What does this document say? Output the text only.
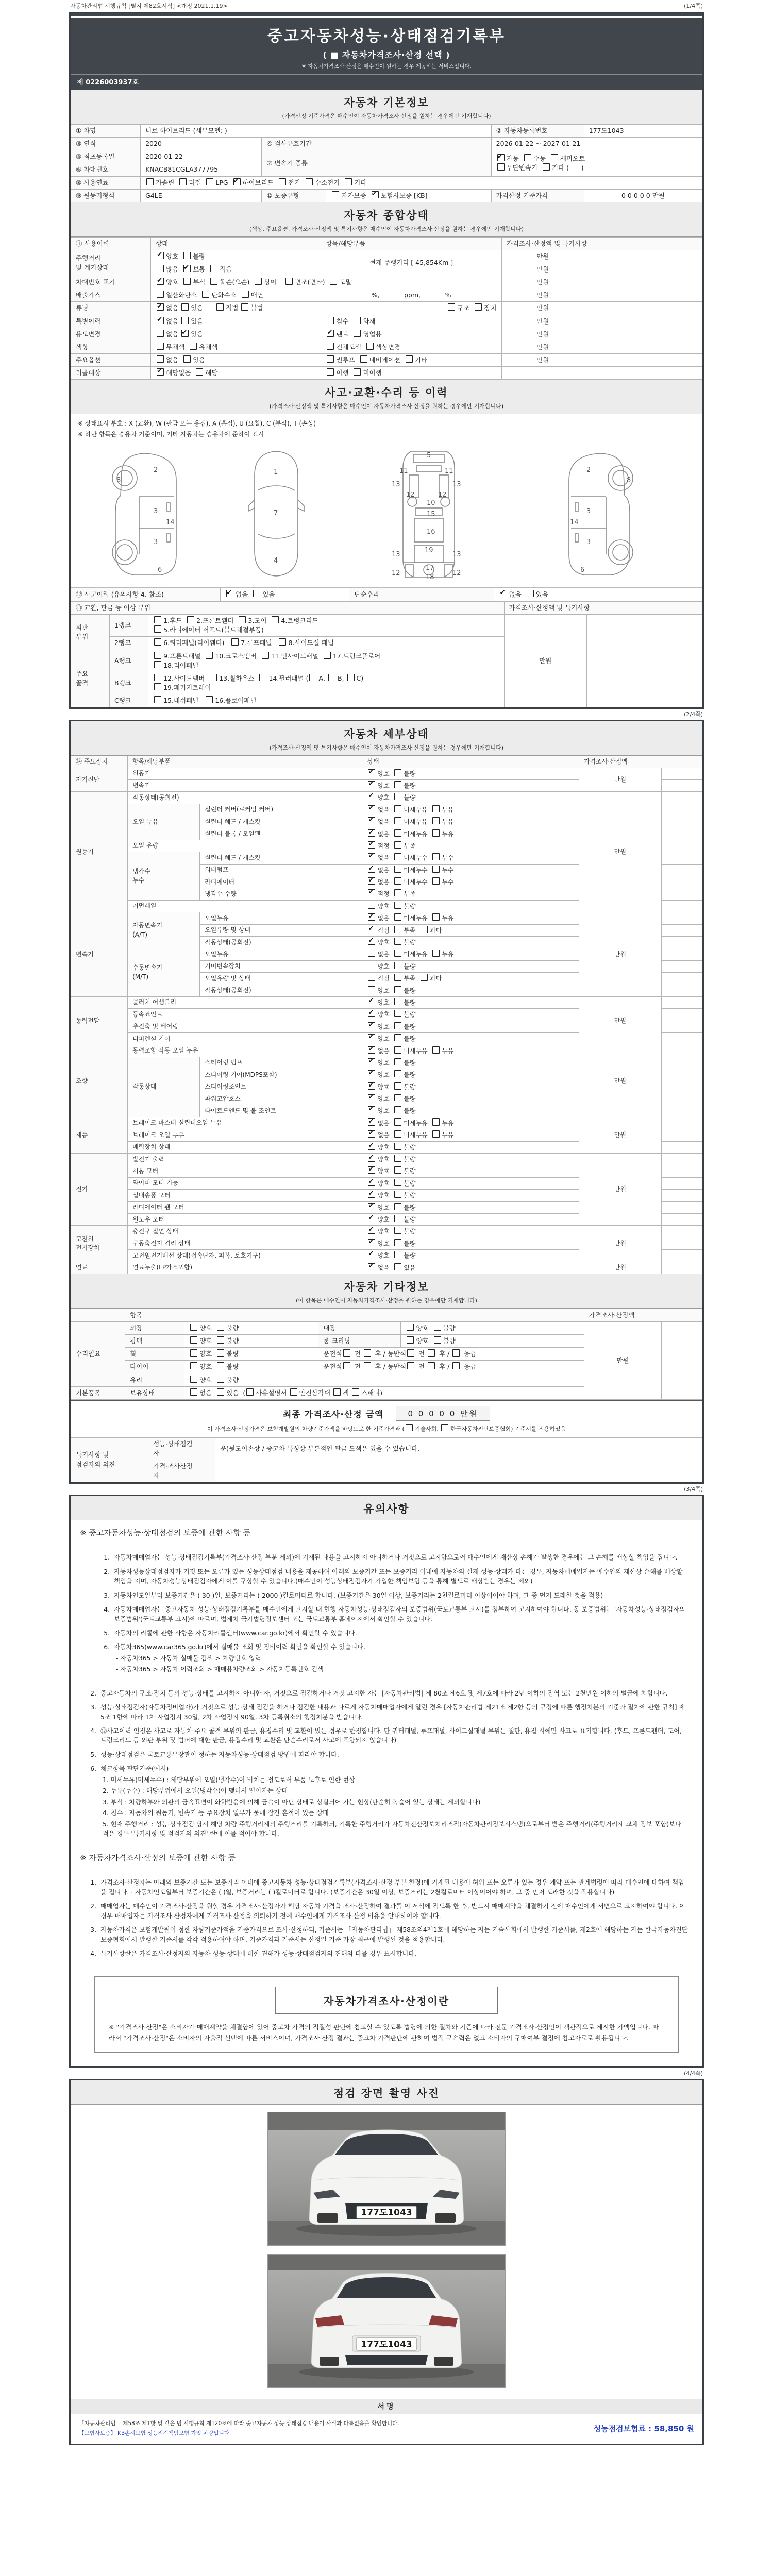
자동차관리법 시행규칙 [별지 제82호서식] <개정 2021.1.19>	(1/4쪽)
중고자동차성능·상태점검기록부
( ■ 자동차가격조사·산정 선택 )
※ 자동차가격조사·산정은 매수인이 원하는 경우 제공하는 서비스입니다.
제 0226003937호
자동차 기본정보
(가격산정 기준가격은 매수인이 자동차가격조사·산정을 원하는 경우에만 기재합니다)
① 차명	니로 하이브리드 (세부모델: )			② 자동차등록번호	177도1043
③ 연식	2020	④ 검사유효기간		2026-01-22 ~ 2027-01-21	
⑤ 최초등록일	2020-01-22	⑦ 변속기 종류	✔자동  수동  세미오토
무단변속기  기타 (      )
⑥ 차대번호	KNACB81CGLA377795				
⑧ 사용연료	가솔린  디젤  LPG   ✔하이브리드  전기  수소전기  기타
⑨ 원동기형식	G4LE	⑩ 보증유형	자가보증   ✔보험사보증 [KB]	가격산정 기준가격	0 0 0 0 0 만원
자동차 종합상태
(색상, 주요옵션, 가격조사·산정액 및 특기사항은 매수인이 자동차가격조사·산정을 원하는 경우에만 기재합니다)
⑪ 사용이력	상태	항목/해당부품	가격조사·산정액 및 특기사항	
주행거리
및 계기상태	✔양호  불량	현재 주행거리 [ 45,854Km ]	만원	
	많음   ✔보통  적음		만원	
차대번호 표기	✔양호  부식  훼손(오손)  상이    변조(변타)  도말		만원	
배출가스	일산화탄소  탄화수소  매연	%,            ppm,            %	만원	
튜닝	✔없음 있음      적법 불법	구조  장치	만원	
특별이력	✔없음 있음	침수  화재	만원	
용도변경	없음  ✔있음	✔렌트  영업용	만원	
색상	무채색  유채색	전체도색  색상변경	만원	
주요옵션	없음  있음	썬루프  네비게이션  기타	만원	
리콜대상	✔해당없음  해당	이행  미이행		
사고·교환·수리 등 이력
(가격조사·산정액 및 특기사항은 매수인이 자동차가격조사·산정을 원하는 경우에만 기재합니다)
※ 상태표시 부호 : X (교환), W (판금 또는 용접), A (흠집), U (요철), C (부식), T (손상)
※ 하단 항목은 승용차 기준이며, 기타 자동차는 승용차에 준하여 표시
2
8
3
14
3
6
1
7
4
5
11	11
13	13
12	12
10
15
16
19
13	13
17
12	12
18
2
8
3
14
3
6
⑫ 사고이력 (유의사항 4. 참조)	✔없음  있음	단순수리	✔없음  있음
⑬ 교환, 판금 등 이상 부위			가격조사·산정액 및 특기사항	
외판
부위	1랭크	1.후드  2.프론트휀더  3.도어  4.트렁크리드
5.라디에이터 서포트(볼트체결부품)	만원	
	2랭크	6.쿼터패널(리어휀더)   7.루프패널   8.사이드실 패널		
주요
골격	A랭크	9.프론트패널  10.크로스멤버  11.인사이드패널  17.트렁크플로어
18.리어패널		
	B랭크	12.사이드멤버  13.휠하우스  14.필러패널 ( A, B, C)
19.패키지트레이		
	C랭크	15.대쉬패널   16.플로어패널		
(2/4쪽)
자동차 세부상태
(가격조사·산정액 및 특기사항은 매수인이 자동차가격조사·산정을 원하는 경우에만 기재합니다)
⑭ 주요장치	항목/해당부품		상태	가격조사·산정액	
자기진단	원동기	✔양호  불량	만원	
	변속기	✔양호  불량	
원동기	작동상태(공회전)	✔양호  불량	만원	
	오일 누유	실린더 커버(로커암 커버)	✔없음  미세누유  누유	
		실린더 헤드 / 개스킷	✔없음  미세누유  누유	
		실린더 블록 / 오일팬	✔없음  미세누유  누유	
	오일 유량	✔적정  부족	
	냉각수
누수	실린더 헤드 / 개스킷	✔없음  미세누수  누수	
		워터펌프	✔없음  미세누수  누수	
		라디에이터	✔없음  미세누수  누수	
		냉각수 수량	✔적정  부족	
	커먼레일		양호  불량		
변속기	자동변속기
(A/T)	오일누유	✔없음  미세누유  누유	만원	
		오일유량 및 상태	✔적정  부족  과다	
		작동상태(공회전)	✔양호  불량	
	수동변속기
(M/T)	오일누유	없음  미세누유  누유		
		기어변속장치	양호  불량		
		오일유량 및 상태	적정  부족  과다		
		작동상태(공회전)	양호  불량		
동력전달	클러치 어셈블리	✔양호  불량	만원	
	등속죠인트	✔양호  불량	
	추진축 및 베어링	✔양호  불량	
	디퍼렌셜 기어	✔양호  불량	
조향	동력조향 작동 오일 누유	✔없음  미세누유  누유	만원	
	작동상태	스티어링 펌프	✔양호  불량	
		스티어링 기어(MDPS포함)	✔양호  불량	
		스티어링조인트	✔양호  불량	
		파워고압호스	✔양호  불량	
		타이로드엔드 및 볼 조인트	✔양호  불량	
제동	브레이크 마스터 실린더오일 누유	✔없음  미세누유  누유	만원	
	브레이크 오일 누유	✔없음  미세누유  누유	
	배력장치 상태	✔양호  불량	
전기	발전기 출력	✔양호  불량	만원	
	시동 모터	✔양호  불량	
	와이퍼 모터 기능	✔양호  불량	
	실내송풍 모터	✔양호  불량	
	라디에이터 팬 모터	✔양호  불량	
	윈도우 모터	✔양호  불량	
고전원
전기장치	충전구 절연 상태	✔양호  불량	만원	
	구동축전지 격리 상태	✔양호  불량	
	고전원전기배선 상태(접속단자, 피복, 보호기구)	✔양호  불량	
연료	연료누출(LP가스포함)	✔없음  있음	만원	
자동차 기타정보
(이 항목은 매수인이 자동차가격조사·산정을 원하는 경우에만 기재합니다)
	항목				가격조사·산정액	
수리필요	외장	양호  불량	내장	양호  불량	만원	
	광택	양호  불량	룸 크리닝	양호  불량		
	휠	양호  불량	운전석 전  후 / 동반석 전  후 /  응급			
	타이어	양호  불량	운전석 전  후 / 동반석 전  후 /  응급			
	유리	양호  불량				
기본품목	보유상태	없음  있음  ( 사용설명서 안전삼각대 잭 스패너)				
최종 가격조사·산정 금액	0 0 0 0 0 만원
이 가격조사·산정가격은 보험개발원의 차량기준가액을 바탕으로 한 기준가격과 ( 기술사회, 한국자동차진단보증협회) 기준서를 적용하였음
특기사항 및
점검자의 의견	성능·상태점검
자	운)뒷도어손상 / 중고차 특성상 부분적인 판금 도색은 있을 수 있습니다.
	가격·조사산정
자	
(3/4쪽)
유의사항
※ 중고자동차성능·상태점검의 보증에 관한 사항 등
1. 자동차매매업자는 성능·상태점검기록부(가격조사·산정 부분 제외)에 기재된 내용을 고지하지 아니하거나 거짓으로 고지함으로써 매수인에게 재산상 손해가 발생한 경우에는 그 손해를 배상할 책임을 집니다.
2. 자동차성능상태점검자가 거짓 또는 오류가 있는 성능상태점검 내용을 제공하여 아래의 보증기간 또는 보증거리 이내에 자동차의 실제 성능·상태가 다른 경우, 자동차매매업자는 매수인의 재산상 손해를 배상할 책임을 지며, 자동차성능상태점검자에게 이를 구상할 수 있습니다.(매수인이 성능상태점검자가 가입한 책임보험 등을 통해 별도로 배상받는 경우는 제외)
3. 자동차인도일부터 보증기간은 ( 30 )일, 보증거리는 ( 2000 )킬로미터로 합니다. (보증기간은 30일 이상, 보증거리는 2천킬로미터 이상이어야 하며, 그 중 먼저 도래한 것을 적용)
4. 자동차매매업자는 중고자동차 성능·상태점검기록부를 매수인에게 고지할 때 현행 자동차성능·상태점검자의 보증범위(국토교통부 고시)를 첨부하여 고지하여야 합니다. 동 보증범위는 '자동차성능·상태점검자의 보증범위'(국토교통부 고시)에 따르며, 법제처 국가법령정보센터 또는 국토교통부 홈페이지에서 확인할 수 있습니다.
5. 자동차의 리콜에 관한 사항은 자동차리콜센터(www.car.go.kr)에서 확인할 수 있습니다.
6. 자동차365(www.car365.go.kr)에서 실매물 조회 및 정비이력 확인을 확인할 수 있습니다.
- 자동차365 > 자동차 실매물 검색 > 차량번호 입력
- 자동차365 > 자동차 이력조회 > 매매용차량조회 > 자동차등록번호 검색
2. 중고자동차의 구조·장치 등의 성능·상태를 고지하지 아니한 자, 거짓으로 점검하거나 거짓 고지한 자는 [자동차관리법] 제 80조 제6호 및 제7호에 따라 2년 이하의 징역 또는 2천만원 이하의 벌금에 처합니다.
3. 성능·상태점검자(자동차정비업자)가 거짓으로 성능·상태 점검을 하거나 점검한 내용과 다르게 자동차매매업자에게 알린 경우 [자동차관리법 제21조 제2항 등의 규정에 따른 행정처분의 기준과 절차에 관한 규칙] 제5조 1항에 따라 1차 사업정지 30일, 2차 사업정지 90일, 3차 등록취소의 행정처분을 받습니다.
4. ⑫사고이력 인정은 사고로 자동차 주요 골격 부위의 판금, 용접수리 및 교환이 있는 경우로 한정합니다. 단 쿼터패널, 루프패널, 사이드실패널 부위는 절단, 용접 시에만 사고로 표기합니다. (후드, 프론트펜더, 도어, 트렁크리드 등 외판 부위 및 범퍼에 대한 판금, 용접수리 및 교환은 단순수리로서 사고에 포함되지 않습니다)
5. 성능·상태점검은 국토교통부장관이 정하는 자동차성능·상태점검 방법에 따라야 합니다.
6. 체크항목 판단기준(예시)
1. 미세누유(미세누수) : 해당부위에 오일(냉각수)이 비치는 정도로서 부품 노후로 인한 현상
2. 누유(누수) : 해당부위에서 오일(냉각수)이 맺혀서 떨어지는 상태
3. 부식 : 차량하부와 외판의 금속표면이 화학반응에 의해 금속이 아닌 상태로 상실되어 가는 현상(단순히 녹슬어 있는 상태는 제외합니다)
4. 침수 : 자동차의 원동기, 변속기 등 주요장치 일부가 물에 잠긴 흔적이 있는 상태
5. 현재 주행거리 : 성능·상태점검 당시 해당 차량 주행거리계의 주행거리를 기록하되, 기록한 주행거리가 자동차전산정보처리조직(자동차관리정보시스템)으로부터 받은 주행거리(주행거리계 교체 정보 포함)보다 적은 경우 '특기사항 및 점검자의 의견' 란에 이를 적어야 합니다.
※ 자동차가격조사·산정의 보증에 관한 사항 등
1. 가격조사·산정자는 아래의 보증기간 또는 보증거리 이내에 중고자동차 성능·상태점검기록부(가격조사·산정 부분 한정)에 기재된 내용에 허위 또는 오류가 있는 경우 계약 또는 관계법령에 따라 매수인에 대하여 책임을 집니다. · 자동차인도일부터 보증기간은 ( )일, 보증거리는 ( )킬로미터로 합니다. (보증기간은 30일 이상, 보증거리는 2천킬로미터 이상이어야 하며, 그 중 먼저 도래한 것을 적용합니다)
2. 매매업자는 매수인이 가격조사·산정을 원할 경우 가격조사·산정자가 해당 자동차 가격을 조사·산정하여 결과를 이 서식에 적도록 한 후, 반드시 매매계약을 체결하기 전에 매수인에게 서면으로 고지하여야 합니다. 이 경우 매매업자는 가격조사·산정자에게 가격조사·산정을 의뢰하기 전에 매수인에게 가격조사·산정 비용을 안내하여야 합니다.
3. 자동차가격은 보험개발원이 정한 차량기준가액을 기준가격으로 조사·산정하되, 기준서는 「자동차관리법」 제58조의4제1호에 해당하는 자는 기술사회에서 발행한 기준서를, 제2호에 해당하는 자는 한국자동차진단보증협회에서 발행한 기준서를 각각 적용하여야 하며, 기준가격과 기준서는 산정일 기준 가장 최근에 발행된 것을 적용합니다.
4. 특기사항란은 가격조사·산정자의 자동차 성능·상태에 대한 견해가 성능·상태점검자의 견해와 다를 경우 표시합니다.
자동차가격조사·산정이란
※ "가격조사·산정"은 소비자가 매매계약을 체결함에 있어 중고차 가격의 적절성 판단에 참고할 수 있도록 법령에 의한 절차와 기준에 따라 전문 가격조사·산정인이 객관적으로 제시한 가액입니다. 따라서 "가격조사·산정"은 소비자의 자율적 선택에 따른 서비스이며, 가격조사·산정 결과는 중고차 가격판단에 관하여 법적 구속력은 없고 소비자의 구매여부 결정에 참고자료로 활용됩니다.
(4/4쪽)
점검 장면 촬영 사진
177도1043
177도1043
서명
「자동차관리법」 제58조 제1항 및 같은 법 시행규칙 제120조에 따라 중고자동차 성능·상태점검 내용이 사실과 다름없음을 확인합니다.
【보험사보증】 KB손해보험 성능점검책임보험 가입 차량입니다.	성능점검보험료 : 58,850 원
